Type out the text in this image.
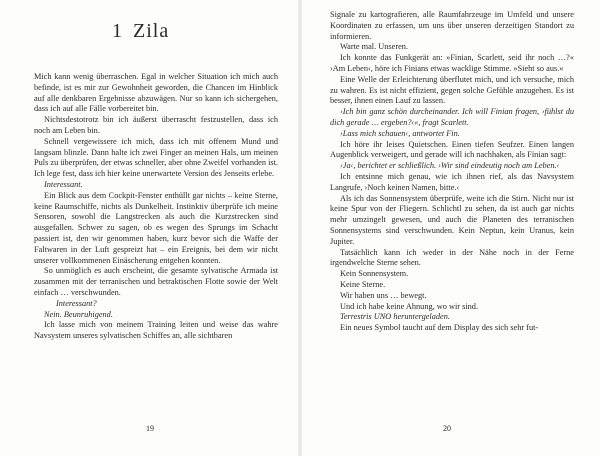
1 Zila

Mich kann wenig überraschen. Egal in welcher Situation ich mich auch befinde, ist es mir zur Gewohnheit geworden, die Chancen im Hinblick auf alle denkbaren Ergebnisse abzuwägen. Nur so kann ich sichergehen, dass ich auf alle Fälle vorbereitet bin.

Nichtsdestotrotz bin ich äußerst überrascht festzustellen, dass ich noch am Leben bin.

Schnell vergewissere ich mich, dass ich mit offenem Mund und langsam blinzle. Dann halte ich zwei Finger an meinen Hals, um meinen Puls zu überprüfen, der etwas schneller, aber ohne Zweifel vorhanden ist. Ich lege fest, dass ich hier keine unerwartete Version des Jenseits erlebe.

Interessant.

Ein Blick aus dem Cockpit-Fenster enthüllt gar nichts – keine Sterne, keine Raumschiffe, nichts als Dunkelheit. Instinktiv überprüfe ich meine Sensoren, sowohl die Langstrecken als auch die Kurzstrecken sind ausgefallen. Schwer zu sagen, ob es wegen des Sprungs im Schacht passiert ist, den wir genommen haben, kurz bevor sich die Waffe der Faltwaren in der Luft gespreizt hat – ein Ereignis, bei dem wir nicht unserer vollkommenen Einäscherung entgehen konnten.

So unmöglich es auch erscheint, die gesamte sylvatische Armada ist zusammen mit der terranischen und betraktischen Flotte sowie der Welt einfach … verschwunden.

Interessant?

Nein. Beunruhigend.

Ich lasse mich von meinem Training leiten und weise das wahre Navsystem unseres sylvatischen Schiffes an, alle sichtbaren

19

Signale zu kartografieren, alle Raumfahrzeuge im Umfeld und unsere Koordinaten zu erfassen, um uns über unseren derzeitigen Standort zu informieren.

Warte mal. Unseren.

Ich konnte das Funkgerät an: »Finian, Scarlett, seid ihr noch …?« ›Am Leben‹, höre ich Finians etwas wacklige Stimme. »Sieht so aus.«

Eine Welle der Erleichterung überflutet mich, und ich versuche, mich zu wahren. Es ist nicht effizient, gegen solche Gefühle anzugehen. Es ist besser, ihnen einen Lauf zu lassen.

›Ich bin ganz schön durcheinander. Ich will Finian fragen, ›fühlst du dich gerade … ergeben?‹«, fragt Scarlett.

›Lass mich schauen‹, antwortet Fin.

Ich höre ihr leises Quietschen. Einen tiefen Seufzer. Einen langen Augenblick verweigert, und gerade will ich nachhaken, als Finian sagt:

›Ja‹, berichtet er schließlich. ›Wir sind eindeutig noch am Leben.‹

Ich entsinne mich genau, wie ich ihnen rief, als das Navsystem Langrufe, ›Noch keinen Namen, bitte.‹

Als ich das Sonnensystem überprüfe, weite ich die Stirn. Nicht nur ist keine Spur von der Fliegern. Schlichtl zu sehen, da ist auch gar nichts mehr umzingelt gewesen, und auch die Planeten des terranischen Sonnensystems sind verschwunden. Kein Neptun, kein Uranus, kein Jupiter.

Tatsächlich kann ich weder in der Nähe noch in der Ferne irgendwelche Sterne sehen.

Kein Sonnensystem.

Keine Sterne.

Wir haben uns … bewegt.

Und ich habe keine Ahnung, wo wir sind.

Terrestris UNO heruntergeladen.

Ein neues Symbol taucht auf dem Display des sich sehr fut-

20
